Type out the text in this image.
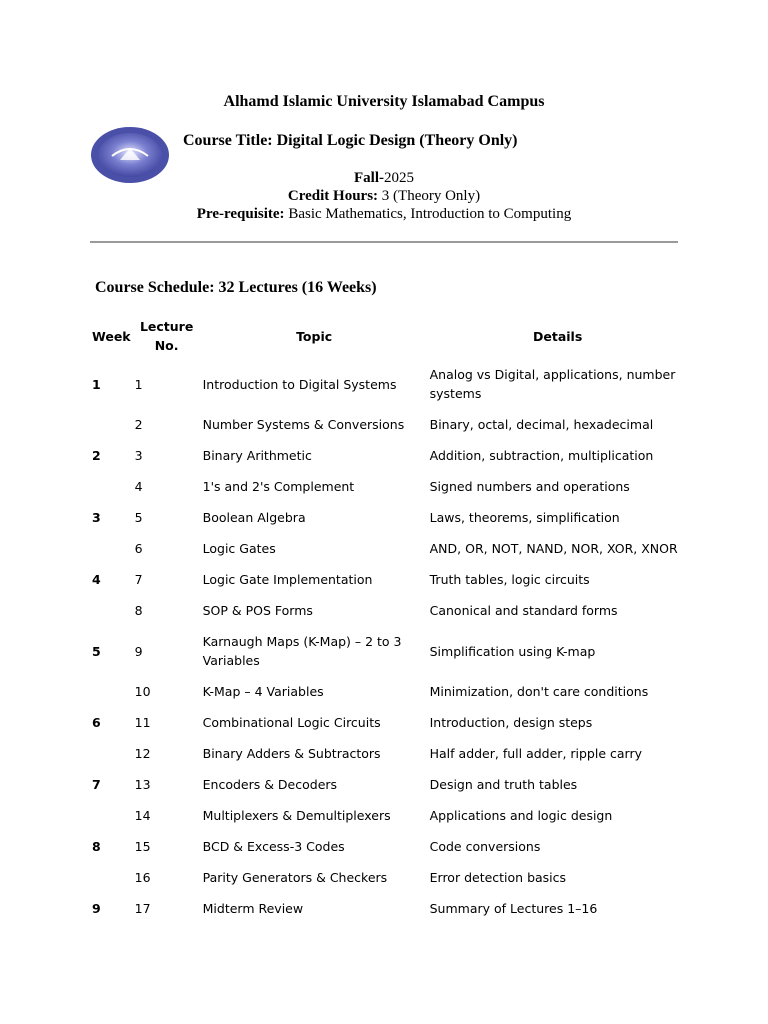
Alhamd Islamic University Islamabad Campus
Course Title: Digital Logic Design (Theory Only)
Fall-2025
Credit Hours: 3 (Theory Only)
Pre-requisite: Basic Mathematics, Introduction to Computing
Course Schedule: 32 Lectures (16 Weeks)
Week	Lecture No.	Topic	Details
1	1	Introduction to Digital Systems	Analog vs Digital, applications, number systems
	2	Number Systems & Conversions	Binary, octal, decimal, hexadecimal
2	3	Binary Arithmetic	Addition, subtraction, multiplication
	4	1's and 2's Complement	Signed numbers and operations
3	5	Boolean Algebra	Laws, theorems, simplification
	6	Logic Gates	AND, OR, NOT, NAND, NOR, XOR, XNOR
4	7	Logic Gate Implementation	Truth tables, logic circuits
	8	SOP & POS Forms	Canonical and standard forms
5	9	Karnaugh Maps (K-Map) – 2 to 3 Variables	Simplification using K-map
	10	K-Map – 4 Variables	Minimization, don't care conditions
6	11	Combinational Logic Circuits	Introduction, design steps
	12	Binary Adders & Subtractors	Half adder, full adder, ripple carry
7	13	Encoders & Decoders	Design and truth tables
	14	Multiplexers & Demultiplexers	Applications and logic design
8	15	BCD & Excess-3 Codes	Code conversions
	16	Parity Generators & Checkers	Error detection basics
9	17	Midterm Review	Summary of Lectures 1–16
